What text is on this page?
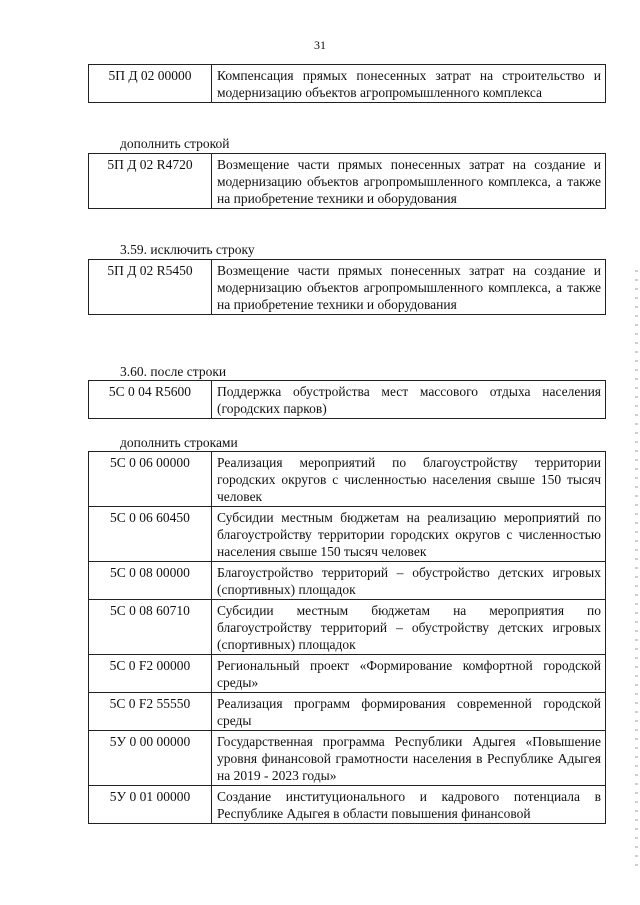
31
5П Д 02 00000	Компенсация прямых понесенных затрат на строительство и модернизацию объектов агропромышленного комплекса
дополнить строкой
5П Д 02 R4720	Возмещение части прямых понесенных затрат на создание и модернизацию объектов агропромышленного комплекса, а также на приобретение техники и оборудования
3.59. исключить строку
5П Д 02 R5450	Возмещение части прямых понесенных затрат на создание и модернизацию объектов агропромышленного комплекса, а также на приобретение техники и оборудования
3.60. после строки
5С 0 04 R5600	Поддержка обустройства мест массового отдыха населения (городских парков)
дополнить строками
5С 0 06 00000	Реализация мероприятий по благоустройству территории городских округов с численностью населения свыше 150 тысяч человек
5С 0 06 60450	Субсидии местным бюджетам на реализацию мероприятий по благоустройству территории городских округов с численностью населения свыше 150 тысяч человек
5С 0 08 00000	Благоустройство территорий – обустройство детских игровых (спортивных) площадок
5С 0 08 60710	Субсидии местным бюджетам на мероприятия по благоустройству территорий – обустройству детских игровых (спортивных) площадок
5С 0 F2 00000	Региональный проект «Формирование комфортной городской среды»
5С 0 F2 55550	Реализация программ формирования современной городской среды
5У 0 00 00000	Государственная программа Республики Адыгея «Повышение уровня финансовой грамотности населения в Республике Адыгея на 2019 - 2023 годы»
5У 0 01 00000	Создание институционального и кадрового потенциала в Республике Адыгея в области повышения финансовой
